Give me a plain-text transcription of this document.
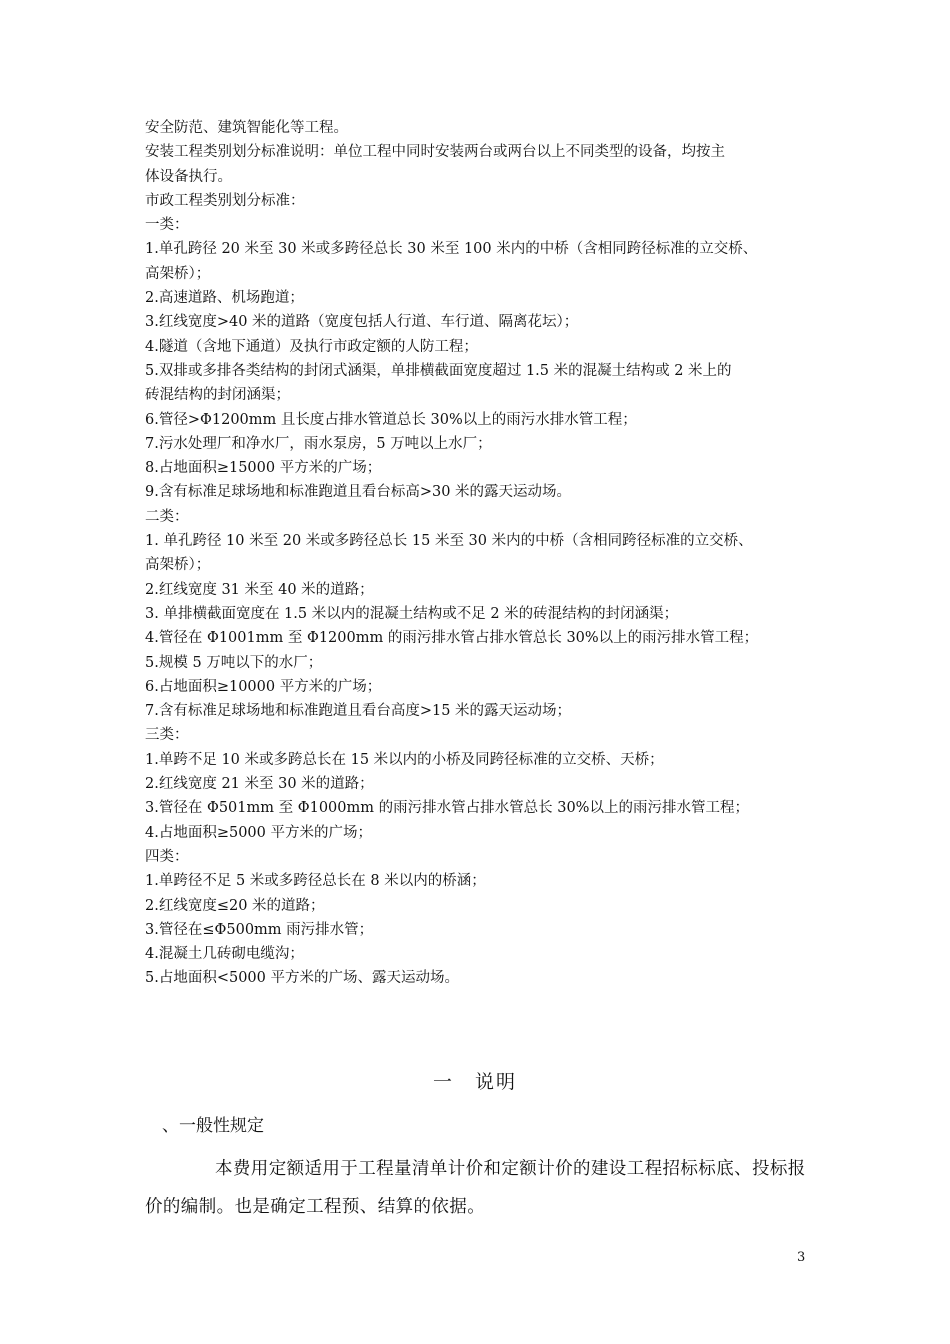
安全防范、建筑智能化等工程。
安装工程类别划分标准说明：单位工程中同时安装两台或两台以上不同类型的设备，均按主
体设备执行。
市政工程类别划分标准：
一类：
1.单孔跨径 20 米至 30 米或多跨径总长 30 米至 100 米内的中桥（含相同跨径标准的立交桥、
高架桥）；
2.高速道路、机场跑道；
3.红线宽度>40 米的道路（宽度包括人行道、车行道、隔离花坛）；
4.隧道（含地下通道）及执行市政定额的人防工程；
5.双排或多排各类结构的封闭式涵渠，单排横截面宽度超过 1.5 米的混凝土结构或 2 米上的
砖混结构的封闭涵渠；
6.管径>Φ1200mm 且长度占排水管道总长 30%以上的雨污水排水管工程；
7.污水处理厂和净水厂，雨水泵房，5 万吨以上水厂；
8.占地面积≥15000 平方米的广场；
9.含有标准足球场地和标准跑道且看台标高>30 米的露天运动场。
二类：
1. 单孔跨径 10 米至 20 米或多跨径总长 15 米至 30 米内的中桥（含相同跨径标准的立交桥、
高架桥）；
2.红线宽度 31 米至 40 米的道路；
3. 单排横截面宽度在 1.5 米以内的混凝土结构或不足 2 米的砖混结构的封闭涵渠；
4.管径在 Φ1001mm 至 Φ1200mm 的雨污排水管占排水管总长 30%以上的雨污排水管工程；
5.规模 5 万吨以下的水厂；
6.占地面积≥10000 平方米的广场；
7.含有标准足球场地和标准跑道且看台高度>15 米的露天运动场；
三类：
1.单跨不足 10 米或多跨总长在 15 米以内的小桥及同跨径标准的立交桥、天桥；
2.红线宽度 21 米至 30 米的道路；
3.管径在 Φ501mm 至 Φ1000mm 的雨污排水管占排水管总长 30%以上的雨污排水管工程；
4.占地面积≥5000 平方米的广场；
四类：
1.单跨径不足 5 米或多跨径总长在 8 米以内的桥涵；
2.红线宽度≤20 米的道路；
3.管径在≤Φ500mm 雨污排水管；
4.混凝土几砖砌电缆沟；
5.占地面积<5000 平方米的广场、露天运动场。
一　说明
、一般性规定
本费用定额适用于工程量清单计价和定额计价的建设工程招标标底、投标报价的编制。也是确定工程预、结算的依据。
3
